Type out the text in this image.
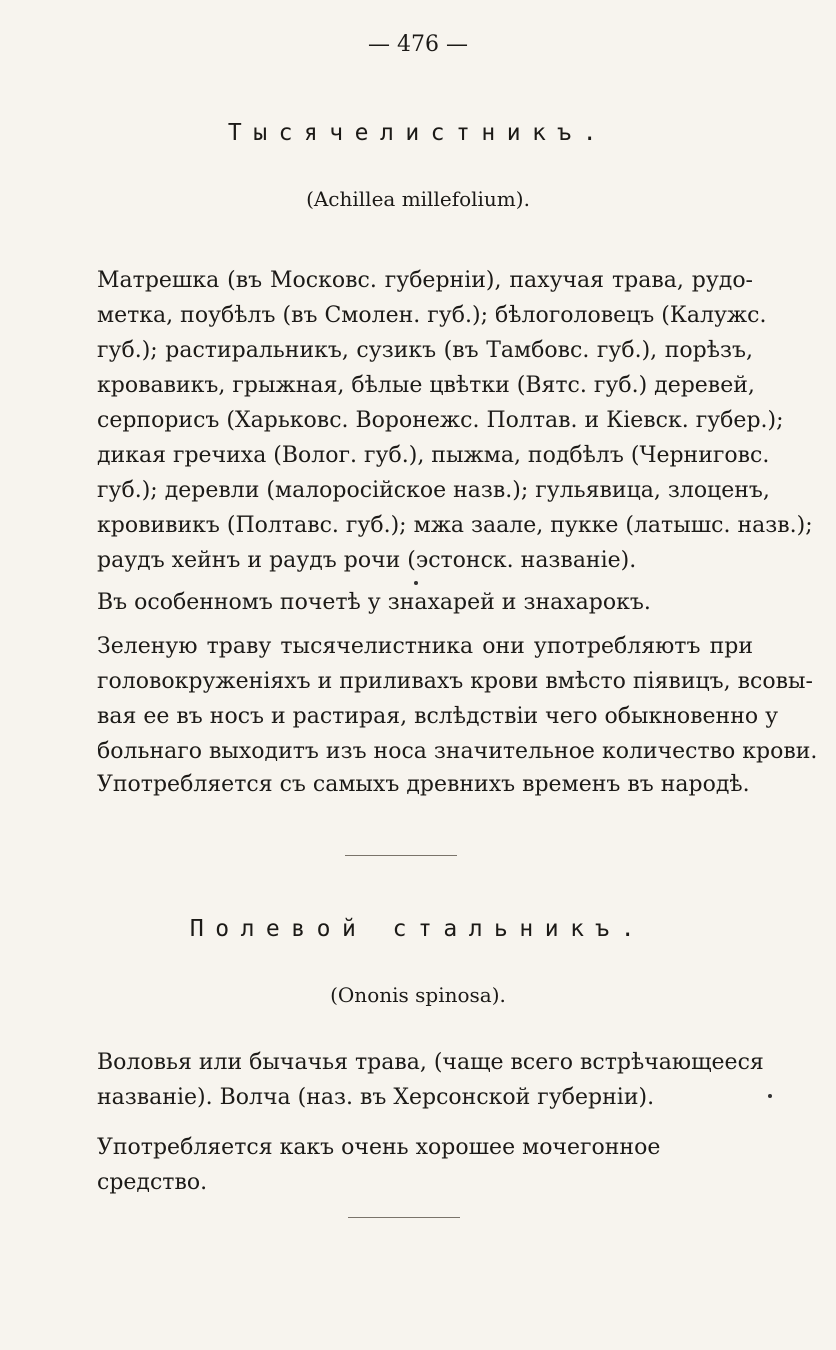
— 476 —
Тысячелистникъ.
(Achillea millefolium).
Матрешка (въ Московс. губерніи), пахучая трава, рудо-
метка, поубѣлъ (въ Смолен. губ.); бѣлоголовецъ (Калужс.
губ.); растиральникъ, сузикъ (въ Тамбовс. губ.), порѣзъ,
кровавикъ, грыжная, бѣлые цвѣтки (Вятс. губ.) деревей,
серпорисъ (Харьковс. Воронежс. Полтав. и Кіевск. губер.);
дикая гречиха (Волог. губ.), пыжма, подбѣлъ (Черниговс.
губ.); деревли (малоросійское назв.); гульявица, злоценъ,
кровивикъ (Полтавс. губ.); мжа заале, пукке (латышс. назв.);
раудъ хейнъ и раудъ рочи (эстонск. названіе).
Въ особенномъ почетѣ у знахарей и знахарокъ.
Зеленую траву тысячелистника они употребляютъ при
головокруженіяхъ и приливахъ крови вмѣсто піявицъ, всовы-
вая ее въ носъ и растирая, вслѣдствіи чего обыкновенно у
больнаго выходитъ изъ носа значительное количество крови.
Употребляется съ самыхъ древнихъ временъ въ народѣ.
Полевой стальникъ.
(Ononis spinosa).
Воловья или бычачья трава, (чаще всего встрѣчающееся
названіе). Волча (наз. въ Херсонской губерніи).
Употребляется какъ очень хорошее мочегонное средство.
